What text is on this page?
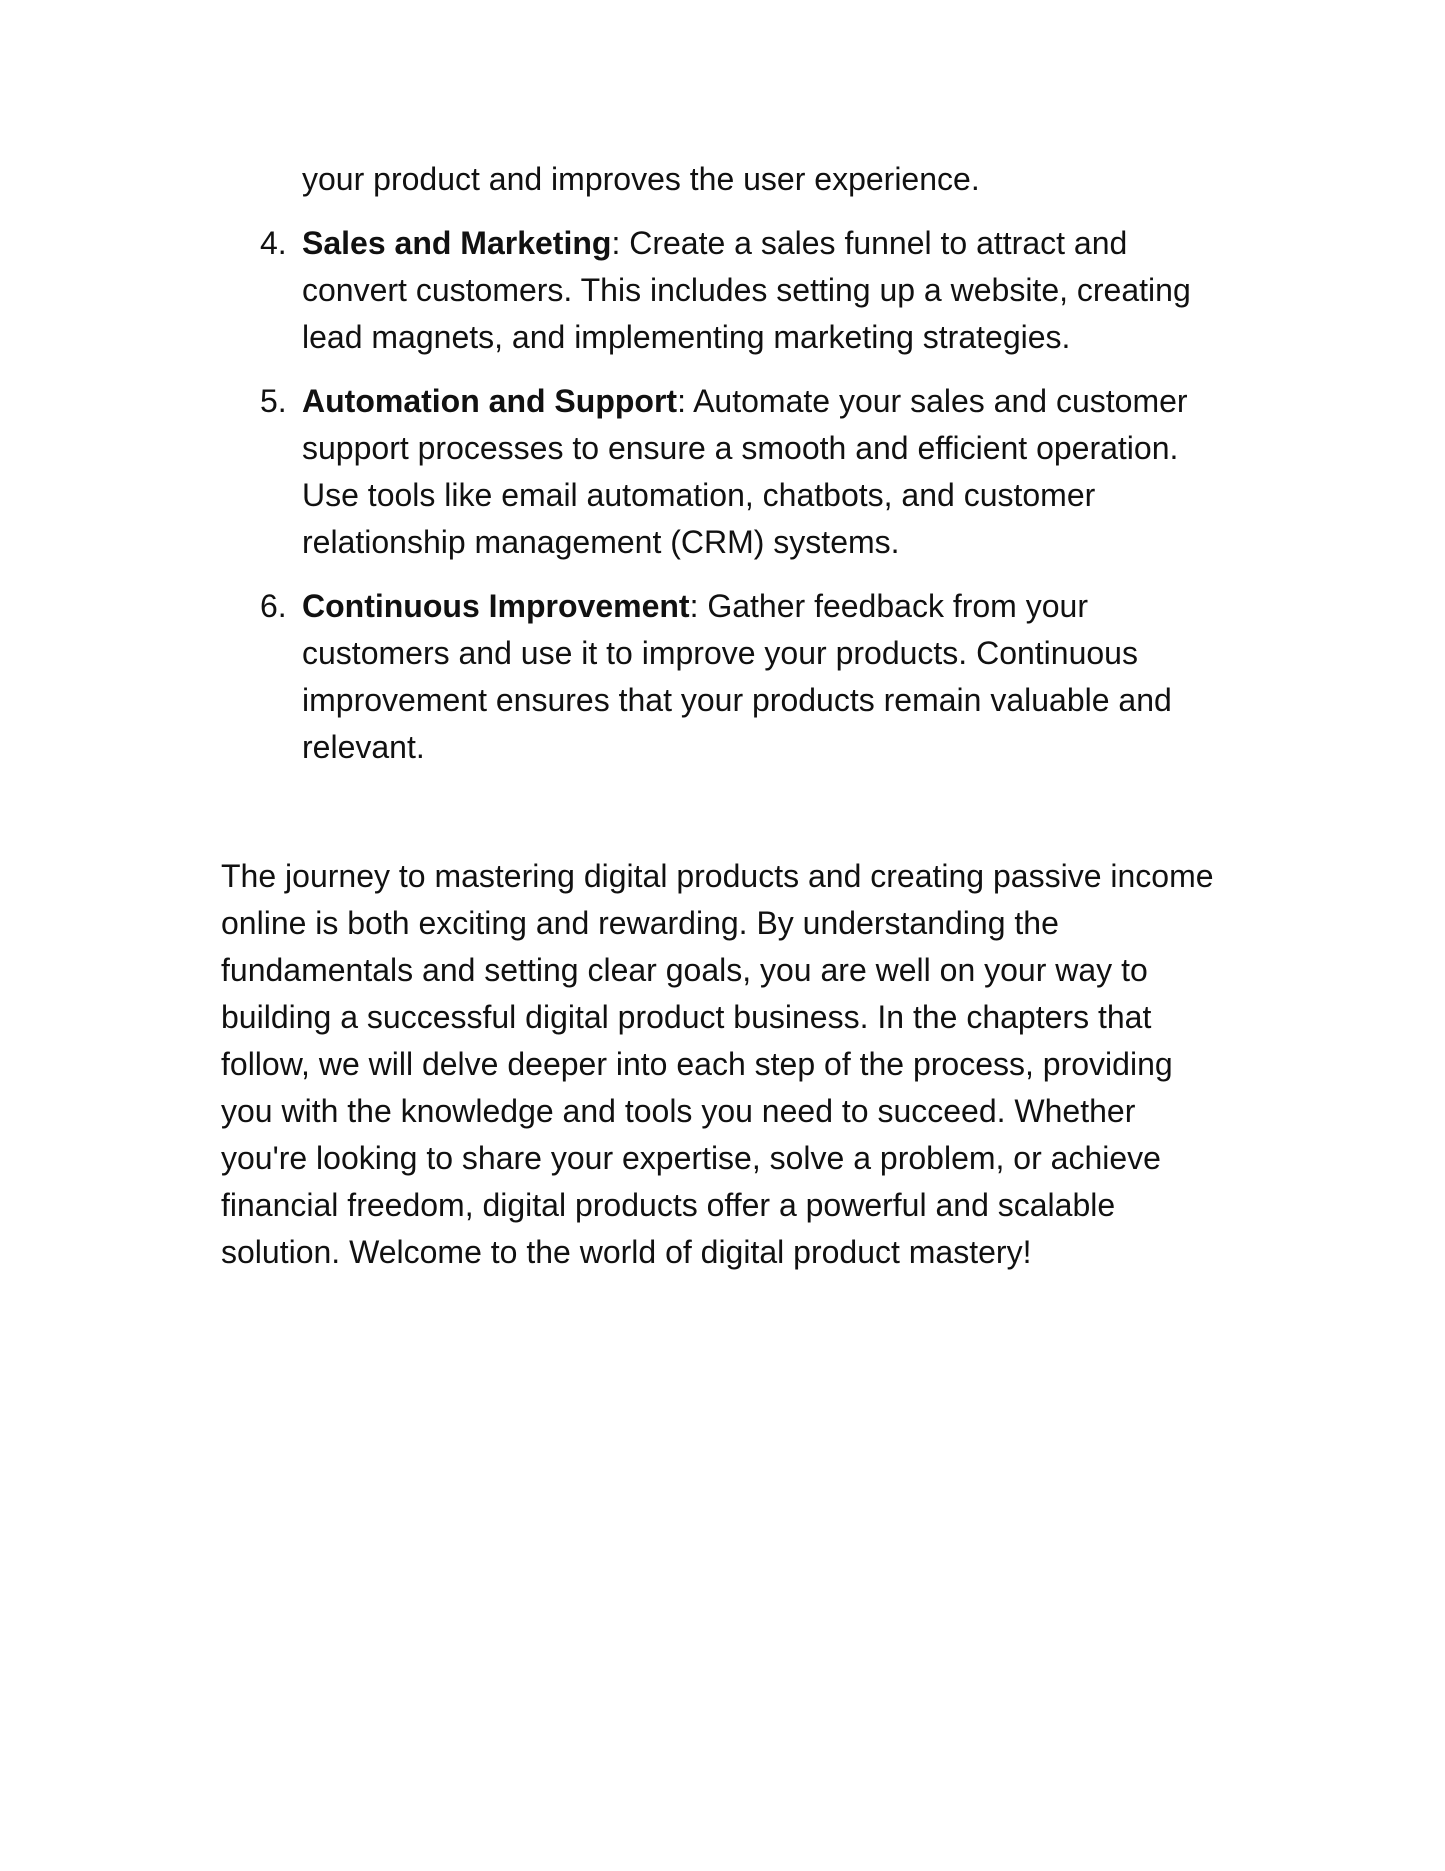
your product and improves the user experience.
4. Sales and Marketing: Create a sales funnel to attract and convert customers. This includes setting up a website, creating lead magnets, and implementing marketing strategies.
5. Automation and Support: Automate your sales and customer support processes to ensure a smooth and efficient operation. Use tools like email automation, chatbots, and customer relationship management (CRM) systems.
6. Continuous Improvement: Gather feedback from your customers and use it to improve your products. Continuous improvement ensures that your products remain valuable and relevant.
The journey to mastering digital products and creating passive income online is both exciting and rewarding. By understanding the fundamentals and setting clear goals, you are well on your way to building a successful digital product business. In the chapters that follow, we will delve deeper into each step of the process, providing you with the knowledge and tools you need to succeed. Whether you're looking to share your expertise, solve a problem, or achieve financial freedom, digital products offer a powerful and scalable solution. Welcome to the world of digital product mastery!
